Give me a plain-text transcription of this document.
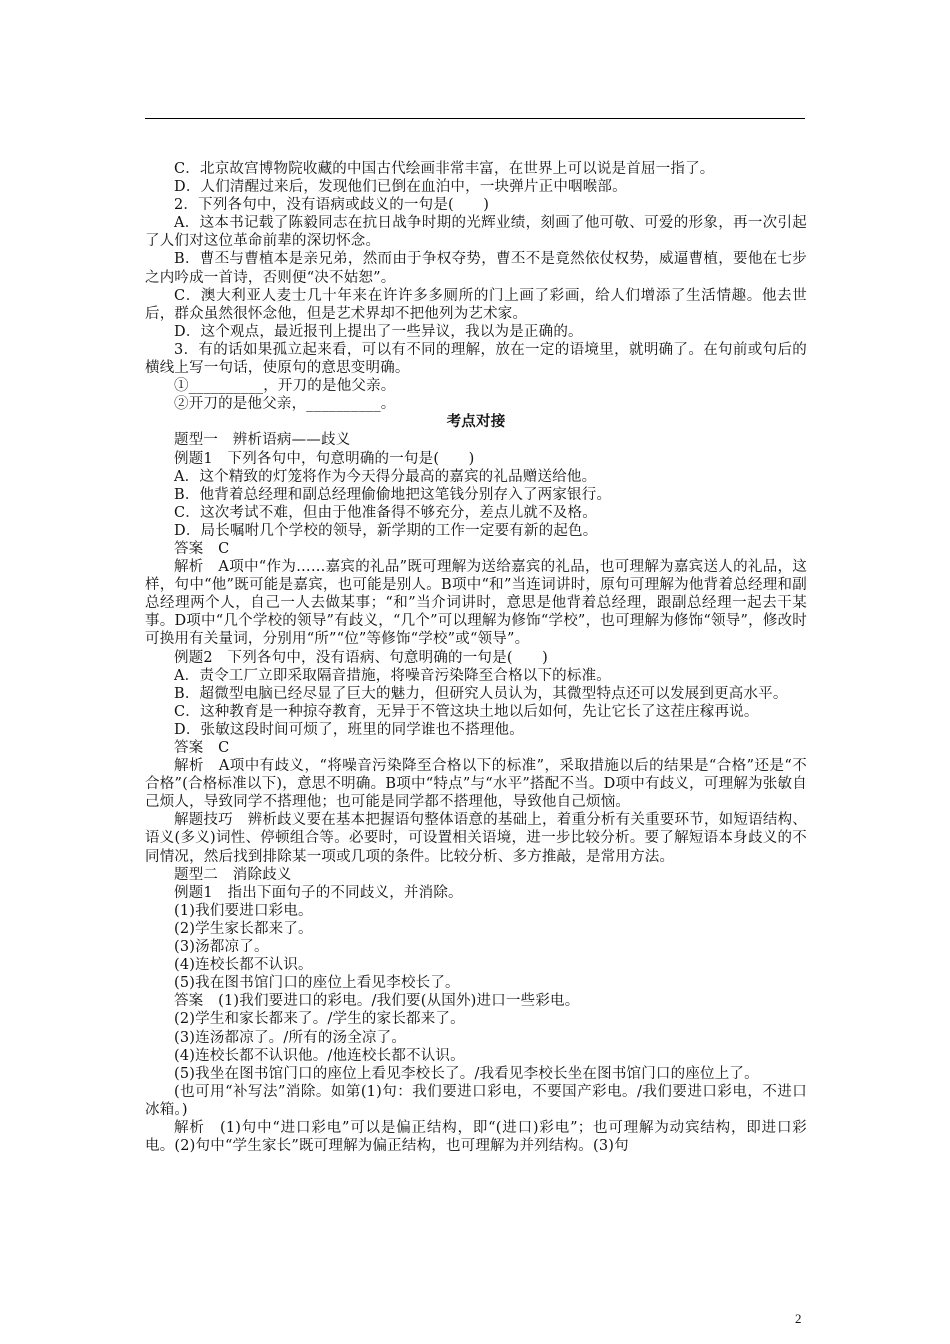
C．北京故宫博物院收藏的中国古代绘画非常丰富，在世界上可以说是首屈一指了。

D．人们清醒过来后，发现他们已倒在血泊中，一块弹片正中咽喉部。

2．下列各句中，没有语病或歧义的一句是(　　)

A．这本书记载了陈毅同志在抗日战争时期的光辉业绩，刻画了他可敬、可爱的形象，再一次引起了人们对这位革命前辈的深切怀念。

B．曹丕与曹植本是亲兄弟，然而由于争权夺势，曹丕不是竟然依仗权势，威逼曹植，要他在七步之内吟成一首诗，否则便“决不姑恕”。

C．澳大利亚人麦士几十年来在许许多多厕所的门上画了彩画，给人们增添了生活情趣。他去世后，群众虽然很怀念他，但是艺术界却不把他列为艺术家。

D．这个观点，最近报刊上提出了一些异议，我以为是正确的。

3．有的话如果孤立起来看，可以有不同的理解，放在一定的语境里，就明确了。在句前或句后的横线上写一句话，使原句的意思变明确。

①__________，开刀的是他父亲。

②开刀的是他父亲，__________。

考点对接

题型一　辨析语病——歧义

例题1　下列各句中，句意明确的一句是(　　)

A．这个精致的灯笼将作为今天得分最高的嘉宾的礼品赠送给他。

B．他背着总经理和副总经理偷偷地把这笔钱分别存入了两家银行。

C．这次考试不难，但由于他准备得不够充分，差点儿就不及格。

D．局长嘱咐几个学校的领导，新学期的工作一定要有新的起色。

答案　C

解析　A项中“作为……嘉宾的礼品”既可理解为送给嘉宾的礼品，也可理解为嘉宾送人的礼品，这样，句中“他”既可能是嘉宾，也可能是别人。B项中“和”当连词讲时，原句可理解为他背着总经理和副总经理两个人，自己一人去做某事；“和”当介词讲时，意思是他背着总经理，跟副总经理一起去干某事。D项中“几个学校的领导”有歧义，“几个”可以理解为修饰“学校”，也可理解为修饰“领导”，修改时可换用有关量词，分别用“所”“位”等修饰“学校”或“领导”。

例题2　下列各句中，没有语病、句意明确的一句是(　　)

A．责令工厂立即采取隔音措施，将噪音污染降至合格以下的标准。

B．超微型电脑已经尽显了巨大的魅力，但研究人员认为，其微型特点还可以发展到更高水平。

C．这种教育是一种掠夺教育，无异于不管这块土地以后如何，先让它长了这茬庄稼再说。

D．张敏这段时间可烦了，班里的同学谁也不搭理他。

答案　C

解析　A项中有歧义，“将噪音污染降至合格以下的标准”，采取措施以后的结果是“合格”还是“不合格”(合格标准以下)，意思不明确。B项中“特点”与“水平”搭配不当。D项中有歧义，可理解为张敏自己烦人，导致同学不搭理他；也可能是同学都不搭理他，导致他自己烦恼。

解题技巧　辨析歧义要在基本把握语句整体语意的基础上，着重分析有关重要环节，如短语结构、语义(多义)词性、停顿组合等。必要时，可设置相关语境，进一步比较分析。要了解短语本身歧义的不同情况，然后找到排除某一项或几项的条件。比较分析、多方推敲，是常用方法。

题型二　消除歧义

例题1　指出下面句子的不同歧义，并消除。

(1)我们要进口彩电。

(2)学生家长都来了。

(3)汤都凉了。

(4)连校长都不认识。

(5)我在图书馆门口的座位上看见李校长了。

答案　(1)我们要进口的彩电。/我们要(从国外)进口一些彩电。

(2)学生和家长都来了。/学生的家长都来了。

(3)连汤都凉了。/所有的汤全凉了。

(4)连校长都不认识他。/他连校长都不认识。

(5)我坐在图书馆门口的座位上看见李校长了。/我看见李校长坐在图书馆门口的座位上了。

(也可用“补写法”消除。如第(1)句：我们要进口彩电，不要国产彩电。/我们要进口彩电，不进口冰箱。)

解析　(1)句中“进口彩电”可以是偏正结构，即“(进口)彩电”；也可理解为动宾结构，即进口彩电。(2)句中“学生家长”既可理解为偏正结构，也可理解为并列结构。(3)句

2
